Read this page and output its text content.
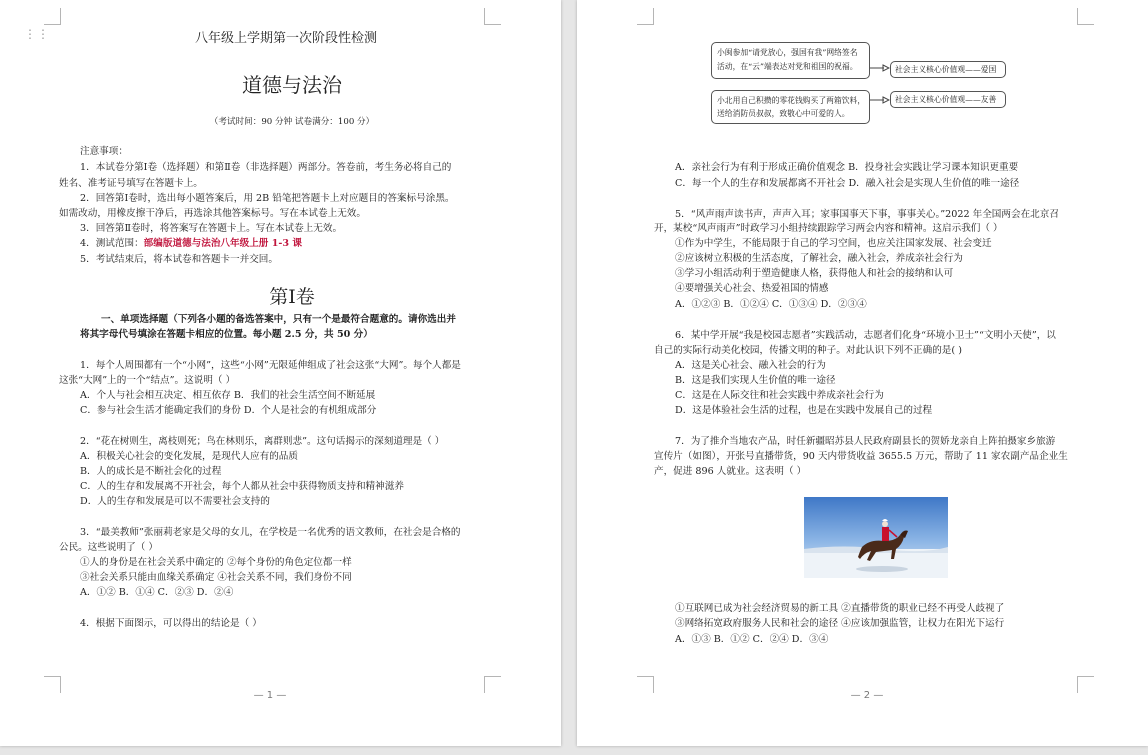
⋮⋮	八年级上学期第一次阶段性检测
道德与法治
（考试时间：90 分钟 试卷满分：100 分）
注意事项：
1．本试卷分第Ⅰ卷（选择题）和第Ⅱ卷（非选择题）两部分。答卷前，考生务必将自己的
姓名、准考证号填写在答题卡上。
2．回答第Ⅰ卷时，选出每小题答案后，用 2B 铅笔把答题卡上对应题目的答案标号涂黑。
如需改动，用橡皮擦干净后，再选涂其他答案标号。写在本试卷上无效。
3．回答第Ⅱ卷时，将答案写在答题卡上。写在本试卷上无效。
4．测试范围：部编版道德与法治八年级上册 1-3 课
5．考试结束后，将本试卷和答题卡一并交回。
第Ⅰ卷
一、单项选择题（下列各小题的备选答案中，只有一个是最符合题意的。请你选出并
将其字母代号填涂在答题卡相应的位置。每小题 2.5 分，共 50 分）
1．每个人周围都有一个“小网”，这些“小网”无限延伸组成了社会这张“大网”。每个人都是
这张“大网”上的一个“结点”。这说明（ ）
A．个人与社会相互决定、相互依存 B．我们的社会生活空间不断延展
C．参与社会生活才能确定我们的身份 D．个人是社会的有机组成部分
2．“花在树则生，离枝则死；鸟在林则乐，离群则悲”。这句话揭示的深刻道理是（ ）
A．积极关心社会的变化发展，是现代人应有的品质
B．人的成长是不断社会化的过程
C．人的生存和发展离不开社会，每个人都从社会中获得物质支持和精神滋养
D．人的生存和发展是可以不需要社会支持的
3．“最美教师”张丽莉老家是父母的女儿，在学校是一名优秀的语文教师，在社会是合格的
公民。这些说明了（ ）
①人的身份是在社会关系中确定的 ②每个身份的角色定位都一样
③社会关系只能由血缘关系确定 ④社会关系不同，我们身份不同
A．①② B．①④ C．②③ D．②④
4．根据下面图示，可以得出的结论是（ ）
— 1 —
小闽参加“请党放心，强国有我”网络签名
活动，在“云”端表达对党和祖国的祝福。	社会主义核心价值观——爱国
小北用自己积攒的零花钱购买了两箱饮料，
送给消防员叔叔，致敬心中可爱的人。
社会主义核心价值观——友善
A．亲社会行为有利于形成正确价值观念 B．投身社会实践让学习课本知识更重要
C．每一个人的生存和发展都离不开社会 D．融入社会是实现人生价值的唯一途径
5．“风声雨声读书声，声声入耳；家事国事天下事，事事关心。”2022 年全国两会在北京召
开，某校“风声雨声”时政学习小组持续跟踪学习两会内容和精神。这启示我们（ ）
①作为中学生，不能局限于自己的学习空间，也应关注国家发展、社会变迁
②应该树立积极的生活态度，了解社会，融入社会，养成亲社会行为
③学习小组活动利于塑造健康人格，获得他人和社会的接纳和认可
④要增强关心社会、热爱祖国的情感
A．①②③ B．①②④ C．①③④ D．②③④
6．某中学开展“我是校园志愿者”实践活动，志愿者们化身“环境小卫士”“文明小天使”，以
自己的实际行动美化校园，传播文明的种子。对此认识下列不正确的是( )
A．这是关心社会、融入社会的行为
B．这是我们实现人生价值的唯一途径
C．这是在人际交往和社会实践中养成亲社会行为
D．这是体验社会生活的过程，也是在实践中发展自己的过程
7．为了推介当地农产品，时任新疆昭苏县人民政府副县长的贺娇龙亲自上阵拍摄家乡旅游
宣传片（如图），开张号直播带货，90 天内带货收益 3655.5 万元，帮助了 11 家农副产品企业生
产，促进 896 人就业。这表明（ ）
①互联网已成为社会经济贸易的新工具 ②直播带货的职业已经不再受人歧视了
③网络拓宽政府服务人民和社会的途径 ④应该加强监管，让权力在阳光下运行
A．①③ B．①② C．②④ D．③④
— 2 —
